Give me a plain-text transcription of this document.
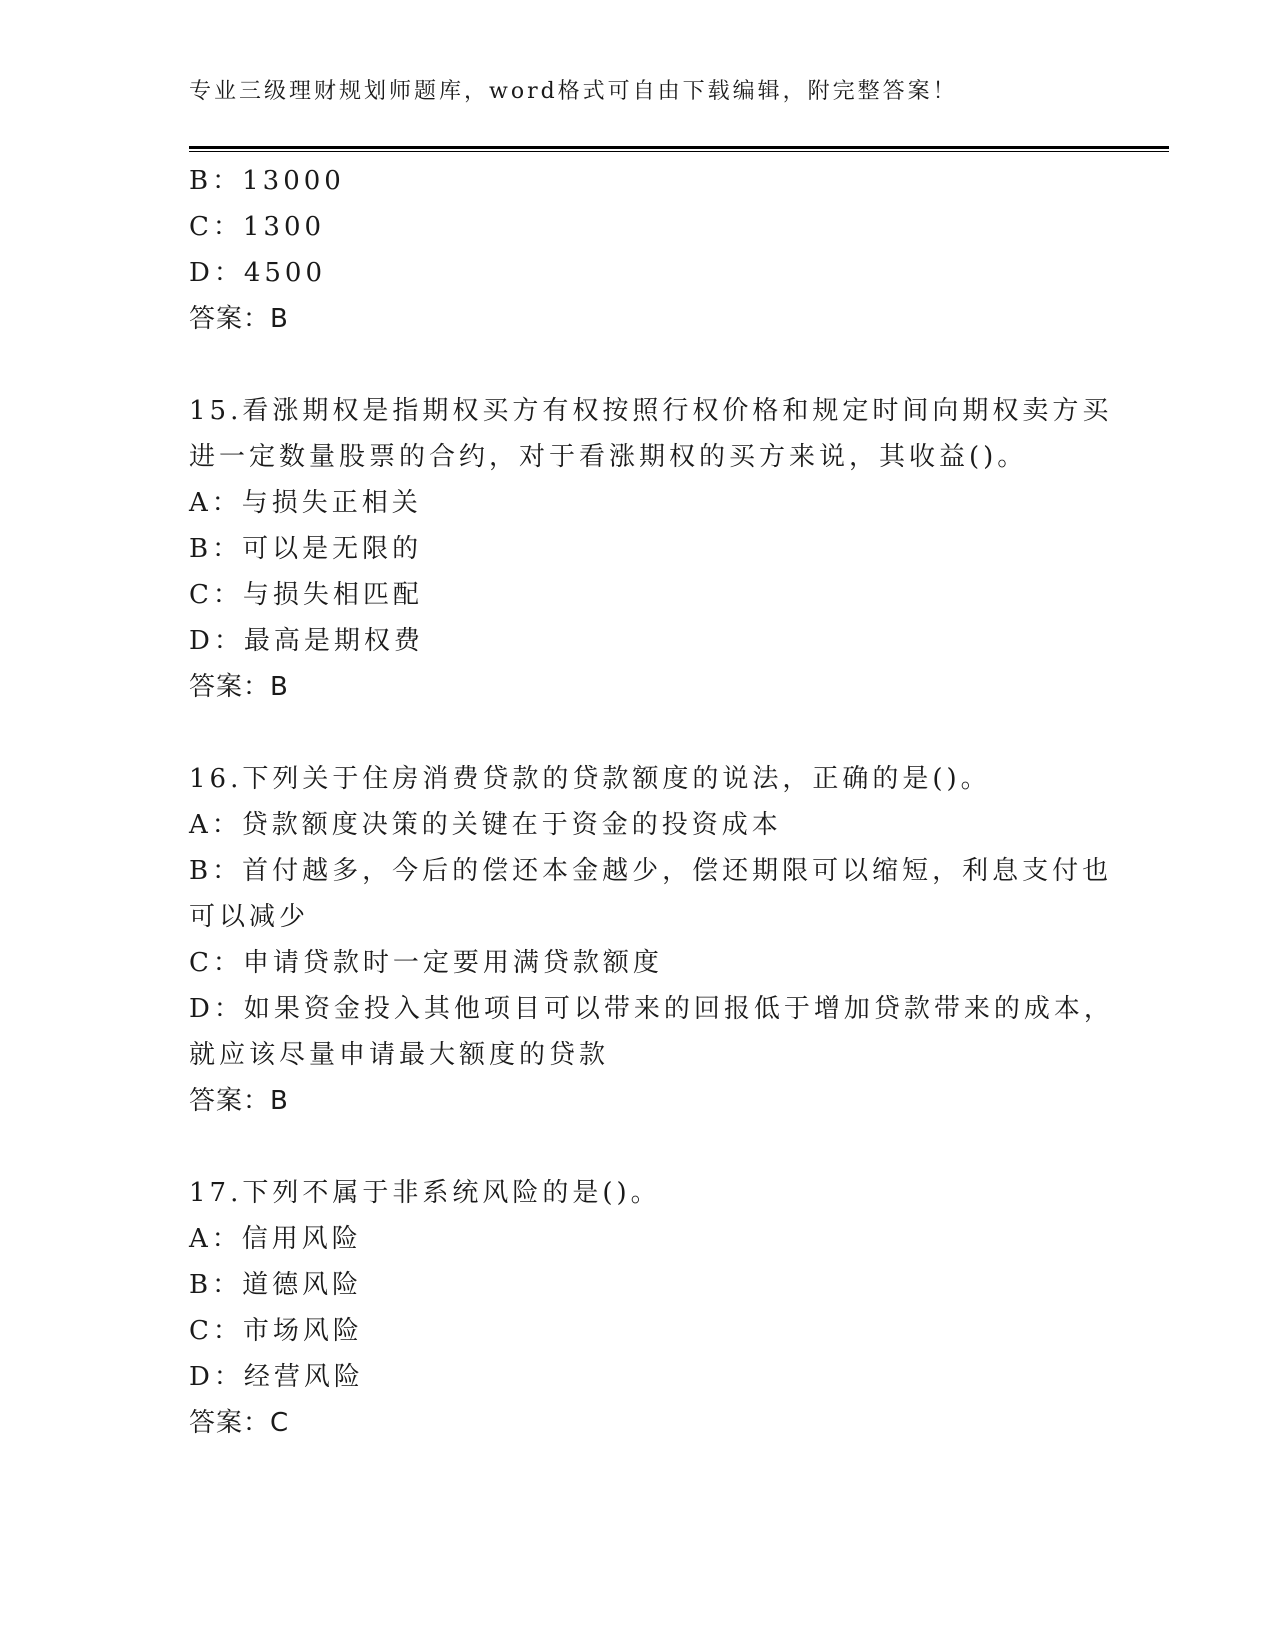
专业三级理财规划师题库，word格式可自由下载编辑，附完整答案！
B：13000
C：1300
D：4500
答案：B
15.看涨期权是指期权买方有权按照行权价格和规定时间向期权卖方买
进一定数量股票的合约，对于看涨期权的买方来说，其收益()。
A：与损失正相关
B：可以是无限的
C：与损失相匹配
D：最高是期权费
答案：B
16.下列关于住房消费贷款的贷款额度的说法，正确的是()。
A：贷款额度决策的关键在于资金的投资成本
B：首付越多，今后的偿还本金越少，偿还期限可以缩短，利息支付也
可以减少
C：申请贷款时一定要用满贷款额度
D：如果资金投入其他项目可以带来的回报低于增加贷款带来的成本，
就应该尽量申请最大额度的贷款
答案：B
17.下列不属于非系统风险的是()。
A：信用风险
B：道德风险
C：市场风险
D：经营风险
答案：C
